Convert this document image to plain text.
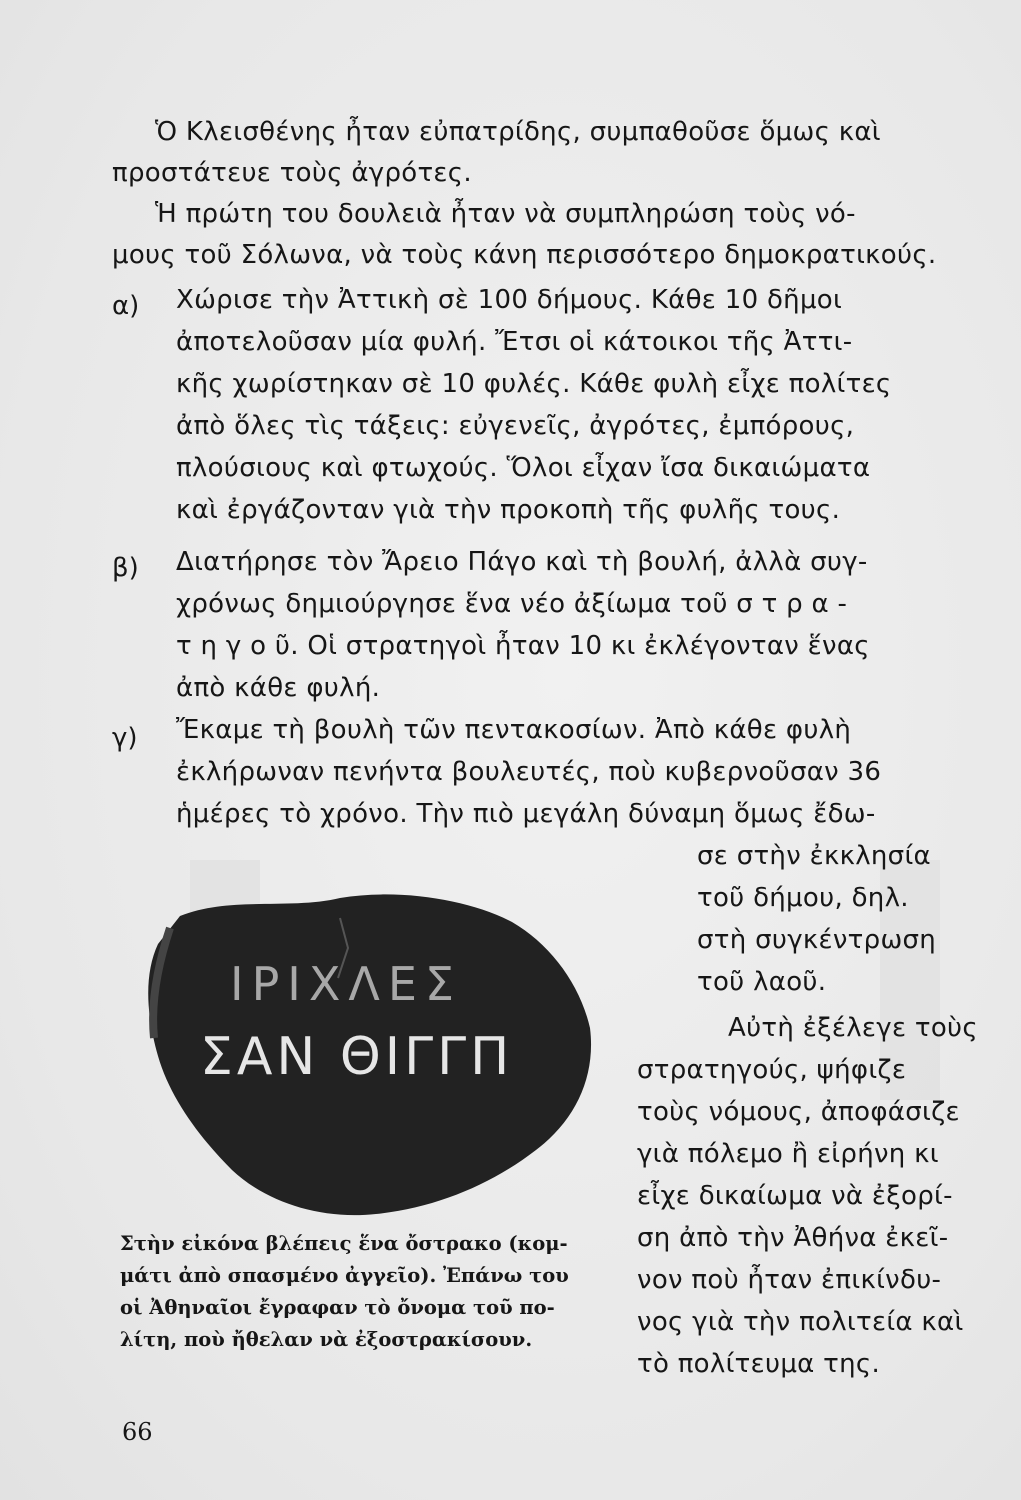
Ὁ Κλεισθένης ἦταν εὐπατρίδης, συμπαθοῦσε ὅμως καὶ
προστάτευε τοὺς ἀγρότες.
Ἡ πρώτη του δουλειὰ ἦταν νὰ συμπληρώση τοὺς νό-
μους τοῦ Σόλωνα, νὰ τοὺς κάνη περισσότερο δημοκρατικούς.
α) Χώρισε τὴν Ἀττικὴ σὲ 100 δήμους. Κάθε 10 δῆμοι
ἀποτελοῦσαν μία φυλή. Ἔτσι οἱ κάτοικοι τῆς Ἀττι-
κῆς χωρίστηκαν σὲ 10 φυλές. Κάθε φυλὴ εἶχε πολίτες
ἀπὸ ὅλες τὶς τάξεις: εὐγενεῖς, ἀγρότες, ἐμπόρους,
πλούσιους καὶ φτωχούς. Ὅλοι εἶχαν ἴσα δικαιώματα
καὶ ἐργάζονταν γιὰ τὴν προκοπὴ τῆς φυλῆς τους.
β) Διατήρησε τὸν Ἄρειο Πάγο καὶ τὴ βουλή, ἀλλὰ συγ-
χρόνως δημιούργησε ἕνα νέο ἀξίωμα τοῦ σ τ ρ α -
τ η γ ο ῦ. Οἱ στρατηγοὶ ἦταν 10 κι ἐκλέγονταν ἕνας
ἀπὸ κάθε φυλή.
γ) Ἔκαμε τὴ βουλὴ τῶν πεντακοσίων. Ἀπὸ κάθε φυλὴ
ἐκλήρωναν πενήντα βουλευτές, ποὺ κυβερνοῦσαν 36
ἡμέρες τὸ χρόνο. Τὴν πιὸ μεγάλη δύναμη ὅμως ἔδω-
σε στὴν ἐκκλησία
τοῦ δήμου, δηλ.
στὴ συγκέντρωση
τοῦ λαοῦ.
Αὐτὴ ἐξέλεγε τοὺς
στρατηγούς, ψήφιζε
τοὺς νόμους, ἀποφάσιζε
γιὰ πόλεμο ἢ εἰρήνη κι
εἶχε δικαίωμα νὰ ἐξορί-
ση ἀπὸ τὴν Ἀθήνα ἐκεῖ-
νον ποὺ ἦταν ἐπικίνδυ-
νος γιὰ τὴν πολιτεία καὶ
τὸ πολίτευμα της.
ΙΡΙΧΛΕΣ
ΣΑΝ ΘΙΓΓΠ
Στὴν εἰκόνα βλέπεις ἕνα ὄστρακο (κομ-
μάτι ἀπὸ σπασμένο ἀγγεῖο). Ἐπάνω του
οἱ Ἀθηναῖοι ἔγραφαν τὸ ὄνομα τοῦ πο-
λίτη, ποὺ ἤθελαν νὰ ἐξοστρακίσουν.
66
